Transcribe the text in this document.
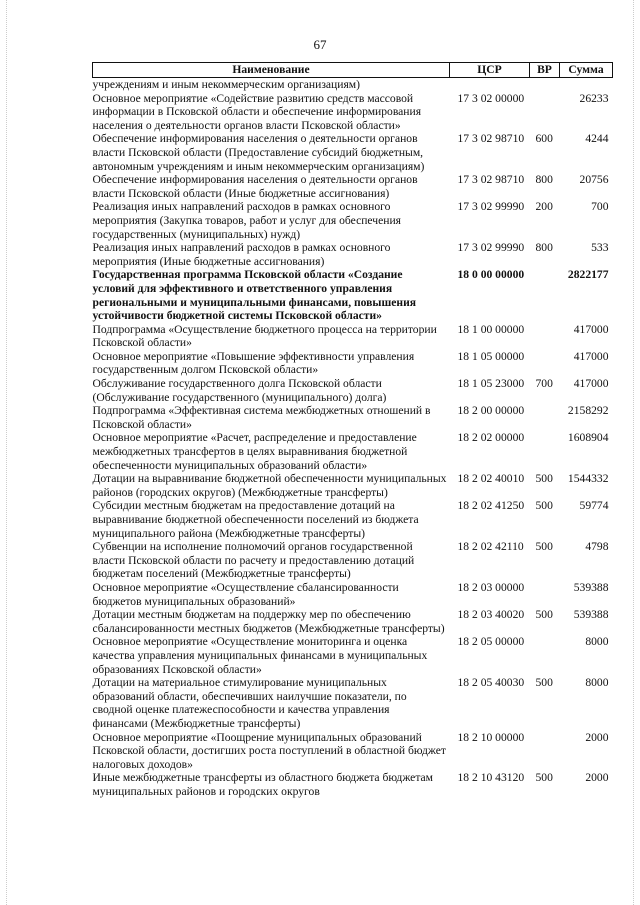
67
Наименование	ЦСР	ВР	Сумма
учреждениям и иным некоммерческим организациям)			
Основное мероприятие «Содействие развитию средств массовой информации в Псковской области и обеспечение информирования населения о деятельности органов власти Псковской области»	17 3 02 00000		26233
Обеспечение информирования населения о деятельности органов власти Псковской области (Предоставление субсидий бюджетным, автономным учреждениям и иным некоммерческим организациям)	17 3 02 98710	600	4244
Обеспечение информирования населения о деятельности органов власти Псковской области (Иные бюджетные ассигнования)	17 3 02 98710	800	20756
Реализация иных направлений расходов в рамках основного мероприятия (Закупка товаров, работ и услуг для обеспечения государственных (муниципальных) нужд)	17 3 02 99990	200	700
Реализация иных направлений расходов в рамках основного мероприятия (Иные бюджетные ассигнования)	17 3 02 99990	800	533
Государственная программа Псковской области «Создание условий для эффективного и ответственного управления региональными и муниципальными финансами, повышения устойчивости бюджетной системы Псковской области»	18 0 00 00000		2822177
Подпрограмма «Осуществление бюджетного процесса на территории Псковской области»	18 1 00 00000		417000
Основное мероприятие «Повышение эффективности управления государственным долгом Псковской области»	18 1 05 00000		417000
Обслуживание государственного долга Псковской области (Обслуживание государственного (муниципального) долга)	18 1 05 23000	700	417000
Подпрограмма «Эффективная система межбюджетных отношений в Псковской области»	18 2 00 00000		2158292
Основное мероприятие «Расчет, распределение и предоставление межбюджетных трансфертов в целях выравнивания бюджетной обеспеченности муниципальных образований области»	18 2 02 00000		1608904
Дотации на выравнивание бюджетной обеспеченности муниципальных районов (городских округов) (Межбюджетные трансферты)	18 2 02 40010	500	1544332
Субсидии местным бюджетам на предоставление дотаций на выравнивание бюджетной обеспеченности поселений из бюджета муниципального района (Межбюджетные трансферты)	18 2 02 41250	500	59774
Субвенции на исполнение полномочий органов государственной власти Псковской области по расчету и предоставлению дотаций бюджетам поселений (Межбюджетные трансферты)	18 2 02 42110	500	4798
Основное мероприятие «Осуществление сбалансированности бюджетов муниципальных образований»	18 2 03 00000		539388
Дотации местным бюджетам на поддержку мер по обеспечению сбалансированности местных бюджетов (Межбюджетные трансферты)	18 2 03 40020	500	539388
Основное мероприятие «Осуществление мониторинга и оценка качества управления муниципальных финансами в муниципальных образованиях Псковской области»	18 2 05 00000		8000
Дотации на материальное стимулирование муниципальных образований области, обеспечивших наилучшие показатели, по сводной оценке платежеспособности и качества управления финансами (Межбюджетные трансферты)	18 2 05 40030	500	8000
Основное мероприятие «Поощрение муниципальных образований Псковской области, достигших роста поступлений в областной бюджет налоговых доходов»	18 2 10 00000		2000
Иные межбюджетные трансферты из областного бюджета бюджетам муниципальных районов и городских округов	18 2 10 43120	500	2000
